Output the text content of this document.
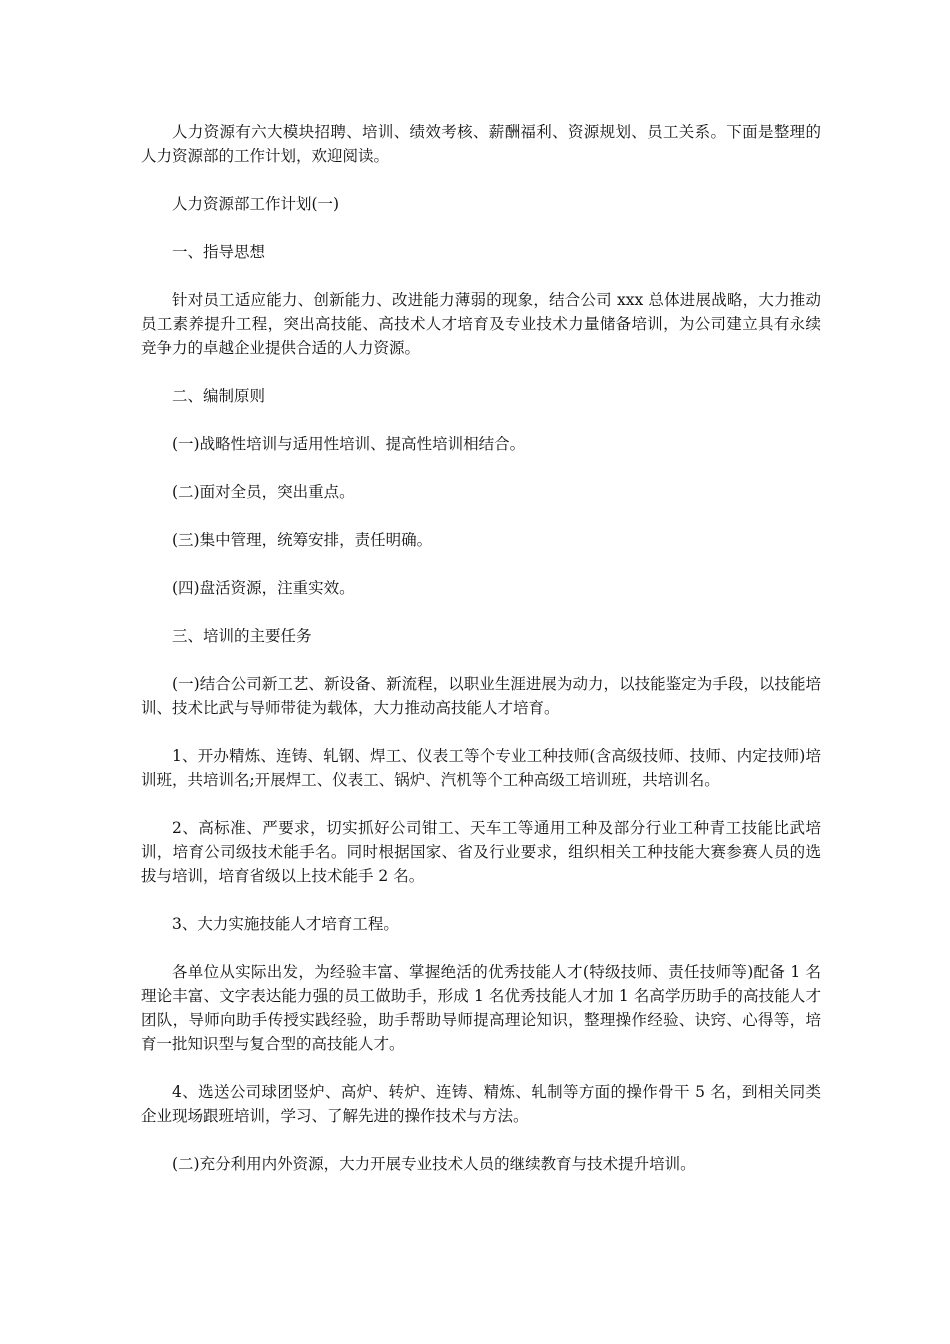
人力资源有六大模块招聘、培训、绩效考核、薪酬福利、资源规划、员工关系。下面是整理的人力资源部的工作计划，欢迎阅读。

人力资源部工作计划(一)

一、指导思想

针对员工适应能力、创新能力、改进能力薄弱的现象，结合公司 xxx 总体进展战略，大力推动员工素养提升工程，突出高技能、高技术人才培育及专业技术力量储备培训，为公司建立具有永续竞争力的卓越企业提供合适的人力资源。

二、编制原则

(一)战略性培训与适用性培训、提高性培训相结合。

(二)面对全员，突出重点。

(三)集中管理，统筹安排，责任明确。

(四)盘活资源，注重实效。

三、培训的主要任务

(一)结合公司新工艺、新设备、新流程，以职业生涯进展为动力，以技能鉴定为手段，以技能培训、技术比武与导师带徒为载体，大力推动高技能人才培育。

1、开办精炼、连铸、轧钢、焊工、仪表工等个专业工种技师(含高级技师、技师、内定技师)培训班，共培训名;开展焊工、仪表工、锅炉、汽机等个工种高级工培训班，共培训名。

2、高标准、严要求，切实抓好公司钳工、天车工等通用工种及部分行业工种青工技能比武培训，培育公司级技术能手名。同时根据国家、省及行业要求，组织相关工种技能大赛参赛人员的选拔与培训，培育省级以上技术能手 2 名。

3、大力实施技能人才培育工程。

各单位从实际出发，为经验丰富、掌握绝活的优秀技能人才(特级技师、责任技师等)配备 1 名理论丰富、文字表达能力强的员工做助手，形成 1 名优秀技能人才加 1 名高学历助手的高技能人才团队，导师向助手传授实践经验，助手帮助导师提高理论知识，整理操作经验、诀窍、心得等，培育一批知识型与复合型的高技能人才。

4、选送公司球团竖炉、高炉、转炉、连铸、精炼、轧制等方面的操作骨干 5 名，到相关同类企业现场跟班培训，学习、了解先进的操作技术与方法。

(二)充分利用内外资源，大力开展专业技术人员的继续教育与技术提升培训。
